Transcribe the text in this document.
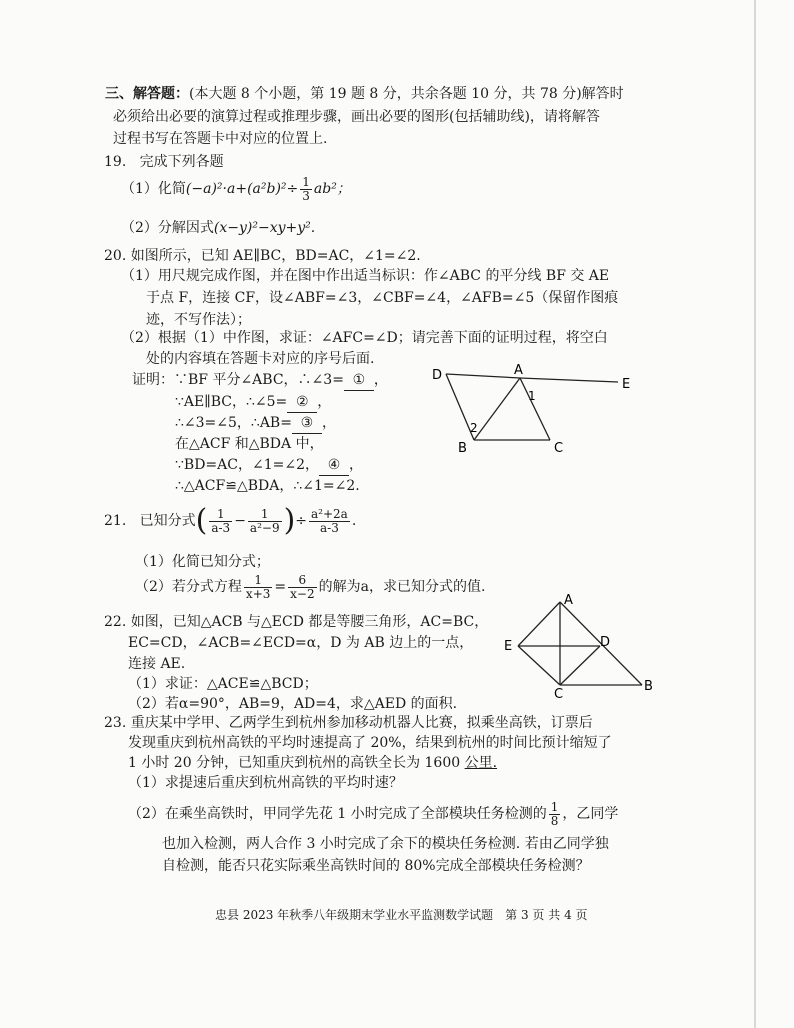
三、解答题：(本大题 8 个小题，第 19 题 8 分，共余各题 10 分，共 78 分)解答时
必须给出必要的演算过程或推理步骤，画出必要的图形(包括辅助线)，请将解答
过程书写在答题卡中对应的位置上.
19. 完成下列各题
（1）化简$(-a)^2\cdot a+(a^2b)^2\div \frac{1}{3} ab^2$；
（2）分解因式(x−y)²−xy+y².
20. 如图所示，已知 AE∥BC，BD=AC，∠1=∠2.
（1）用尺规完成作图，并在图中作出适当标识：作∠ABC 的平分线 BF 交 AE
于点 F，连接 CF，设∠ABF=∠3，∠CBF=∠4，∠AFB=∠5（保留作图痕
迹，不写作法）；
（2）根据（1）中作图，求证：∠AFC=∠D；请完善下面的证明过程，将空白
处的内容填在答题卡对应的序号后面.
证明：∵BF 平分∠ABC，∴∠3= ① ，
∵AE∥BC，∴∠5= ② ，
∴∠3=∠5，∴AB= ③ ，
在△ACF 和△BDA 中，
∵BD=AC，∠1=∠2， ④ ，
∴△ACF≌△BDA，∴∠1=∠2.
D	A
E
B	C
1
2
21. 已知分式( $\frac{1}{a-3} - \frac{1}{\text{a²−9}}$ )÷ $\frac{\text{a²+2a}}{a-3}$ .
（1）化简已知分式；
（2）若分式方程 $\frac{1}{x+3} = \frac{6}{x-2}$ 的解为a，求已知分式的值.
22. 如图，已知△ACB 与△ECD 都是等腰三角形，AC=BC，
EC=CD，∠ACB=∠ECD=α，D 为 AB 边上的一点，
连接 AE.
（1）求证：△ACE≌△BCD；
（2）若α=90°，AB=9，AD=4，求△AED 的面积.
A
E	D
C
B
23. 重庆某中学甲、乙两学生到杭州参加移动机器人比赛，拟乘坐高铁，订票后
发现重庆到杭州高铁的平均时速提高了 20%，结果到杭州的时间比预计缩短了
1 小时 20 分钟，已知重庆到杭州的高铁全长为 1600 公里.
（1）求提速后重庆到杭州高铁的平均时速？
（2）在乘坐高铁时，甲同学先花 1 小时完成了全部模块任务检测的 $\frac{1}{8}$ ，乙同学
也加入检测，两人合作 3 小时完成了余下的模块任务检测. 若由乙同学独
自检测，能否只花实际乘坐高铁时间的 80%完成全部模块任务检测？
忠县 2023 年秋季八年级期末学业水平监测数学试题　第 3 页 共 4 页
